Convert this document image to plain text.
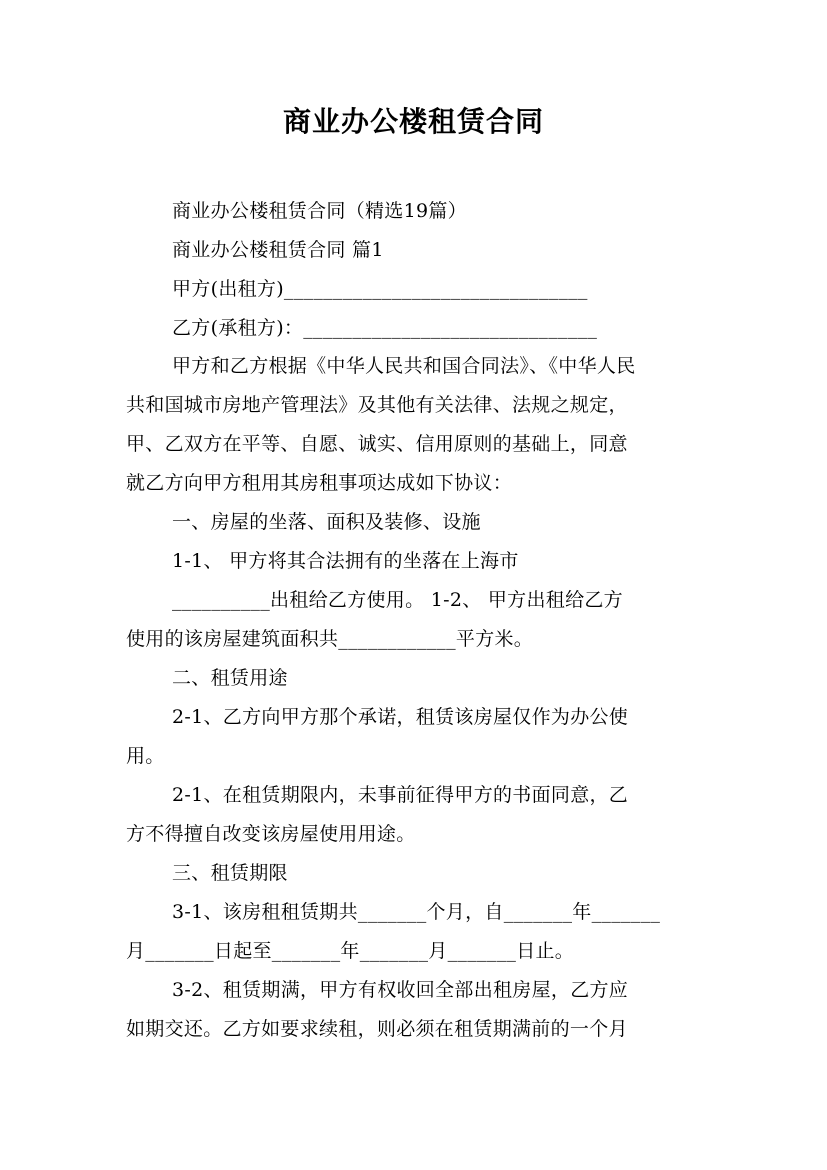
商业办公楼租赁合同
商业办公楼租赁合同（精选19篇）
商业办公楼租赁合同 篇1
甲方(出租方)_______________________________
乙方(承租方)：______________________________
甲方和乙方根据《中华人民共和国合同法》、《中华人民
共和国城市房地产管理法》及其他有关法律、法规之规定，
甲、乙双方在平等、自愿、诚实、信用原则的基础上，同意
就乙方向甲方租用其房租事项达成如下协议：
一、房屋的坐落、面积及装修、设施
1-1、 甲方将其合法拥有的坐落在上海市
__________出租给乙方使用。 1-2、 甲方出租给乙方
使用的该房屋建筑面积共____________平方米。
二、租赁用途
2-1、乙方向甲方那个承诺，租赁该房屋仅作为办公使
用。
2-1、在租赁期限内，未事前征得甲方的书面同意，乙
方不得擅自改变该房屋使用用途。
三、租赁期限
3-1、该房租租赁期共_______个月，自_______年_______
月_______日起至_______年_______月_______日止。
3-2、租赁期满，甲方有权收回全部出租房屋，乙方应
如期交还。乙方如要求续租，则必须在租赁期满前的一个月
